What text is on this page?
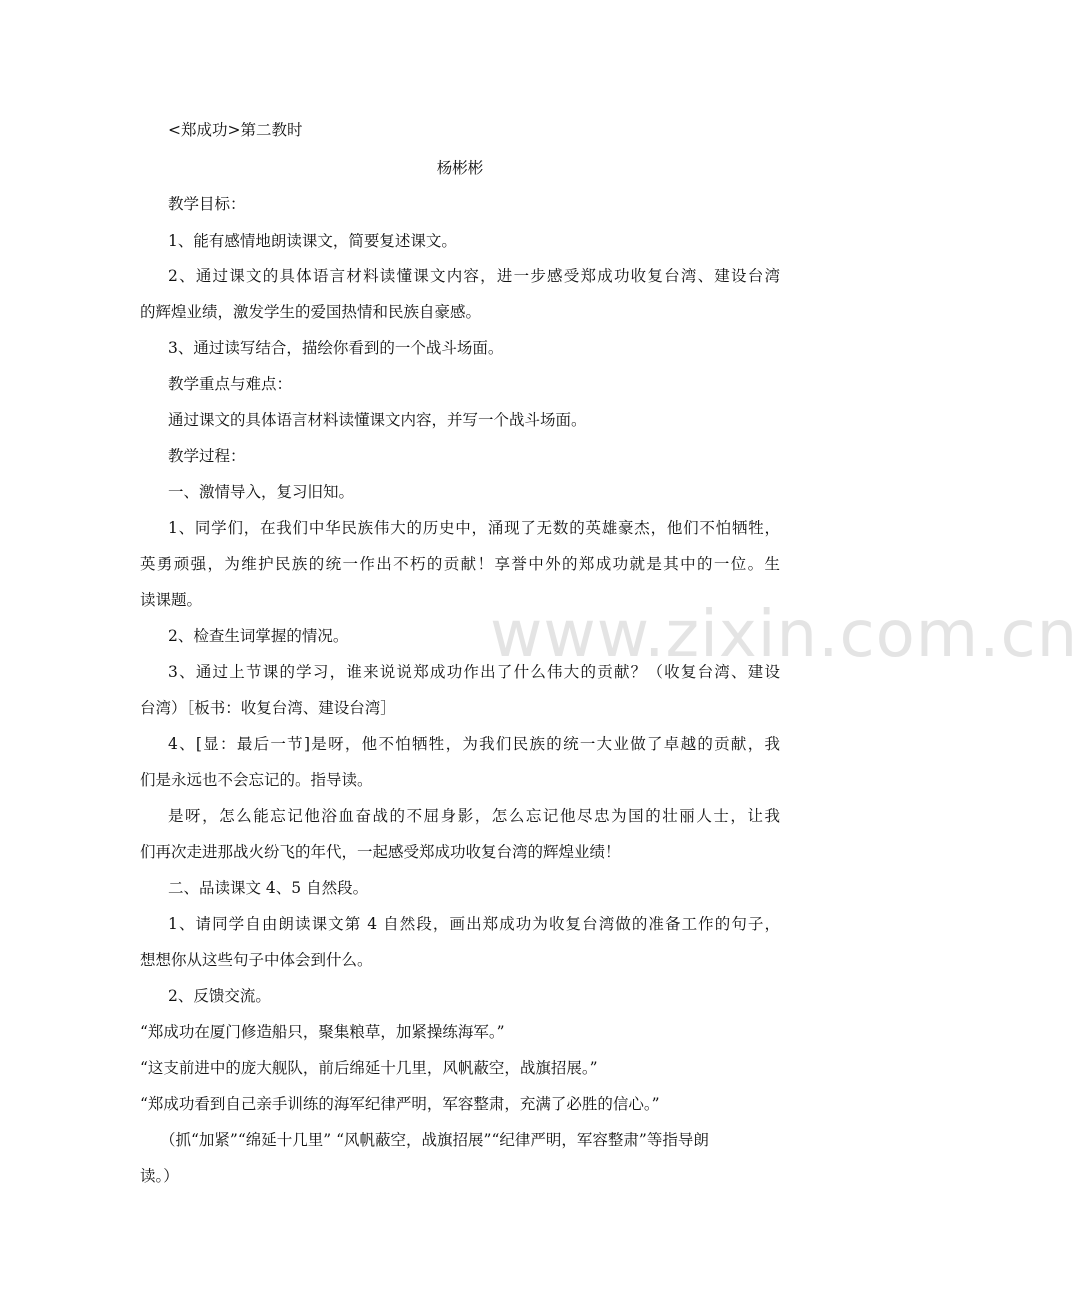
www.zixin.com.cn
<郑成功>第二教时
杨彬彬
教学目标：
1、能有感情地朗读课文，简要复述课文。
2、通过课文的具体语言材料读懂课文内容，进一步感受郑成功收复台湾、建设台湾
的辉煌业绩，激发学生的爱国热情和民族自豪感。
3、通过读写结合，描绘你看到的一个战斗场面。
教学重点与难点：
通过课文的具体语言材料读懂课文内容，并写一个战斗场面。
教学过程：
一、激情导入，复习旧知。
1、同学们，在我们中华民族伟大的历史中，涌现了无数的英雄豪杰，他们不怕牺牲，
英勇顽强，为维护民族的统一作出不朽的贡献！享誉中外的郑成功就是其中的一位。生
读课题。
2、检查生词掌握的情况。
3、通过上节课的学习，谁来说说郑成功作出了什么伟大的贡献？（收复台湾、建设
台湾）［板书：收复台湾、建设台湾］
4、[显：最后一节]是呀，他不怕牺牲，为我们民族的统一大业做了卓越的贡献，我
们是永远也不会忘记的。指导读。
是呀，怎么能忘记他浴血奋战的不屈身影，怎么忘记他尽忠为国的壮丽人士，让我
们再次走进那战火纷飞的年代，一起感受郑成功收复台湾的辉煌业绩！
二、品读课文 4、5 自然段。
1、请同学自由朗读课文第 4 自然段，画出郑成功为收复台湾做的准备工作的句子，
想想你从这些句子中体会到什么。
2、反馈交流。
“郑成功在厦门修造船只，聚集粮草，加紧操练海军。”
“这支前进中的庞大舰队，前后绵延十几里，风帆蔽空，战旗招展。”
“郑成功看到自己亲手训练的海军纪律严明，军容整肃，充满了必胜的信心。”
（抓“加紧”“绵延十几里” “风帆蔽空，战旗招展”“纪律严明，军容整肃”等指导朗
读。）
